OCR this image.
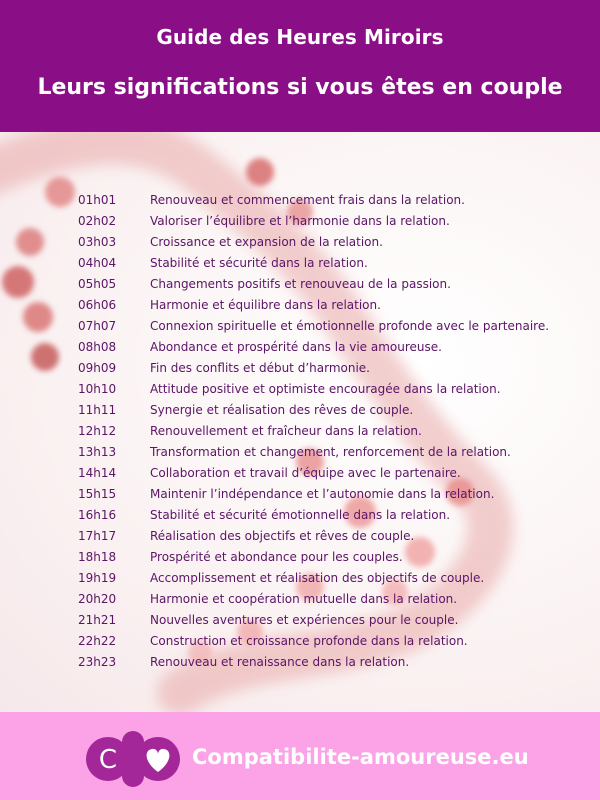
Guide des Heures Miroirs
Leurs significations si vous êtes en couple
01h01	Renouveau et commencement frais dans la relation.
02h02	Valoriser l’équilibre et l’harmonie dans la relation.
03h03	Croissance et expansion de la relation.
04h04	Stabilité et sécurité dans la relation.
05h05	Changements positifs et renouveau de la passion.
06h06	Harmonie et équilibre dans la relation.
07h07	Connexion spirituelle et émotionnelle profonde avec le partenaire.
08h08	Abondance et prospérité dans la vie amoureuse.
09h09	Fin des conflits et début d’harmonie.
10h10	Attitude positive et optimiste encouragée dans la relation.
11h11	Synergie et réalisation des rêves de couple.
12h12	Renouvellement et fraîcheur dans la relation.
13h13	Transformation et changement, renforcement de la relation.
14h14	Collaboration et travail d’équipe avec le partenaire.
15h15	Maintenir l’indépendance et l’autonomie dans la relation.
16h16	Stabilité et sécurité émotionnelle dans la relation.
17h17	Réalisation des objectifs et rêves de couple.
18h18	Prospérité et abondance pour les couples.
19h19	Accomplissement et réalisation des objectifs de couple.
20h20	Harmonie et coopération mutuelle dans la relation.
21h21	Nouvelles aventures et expériences pour le couple.
22h22	Construction et croissance profonde dans la relation.
23h23	Renouveau et renaissance dans la relation.
C	Compatibilite-amoureuse.eu
